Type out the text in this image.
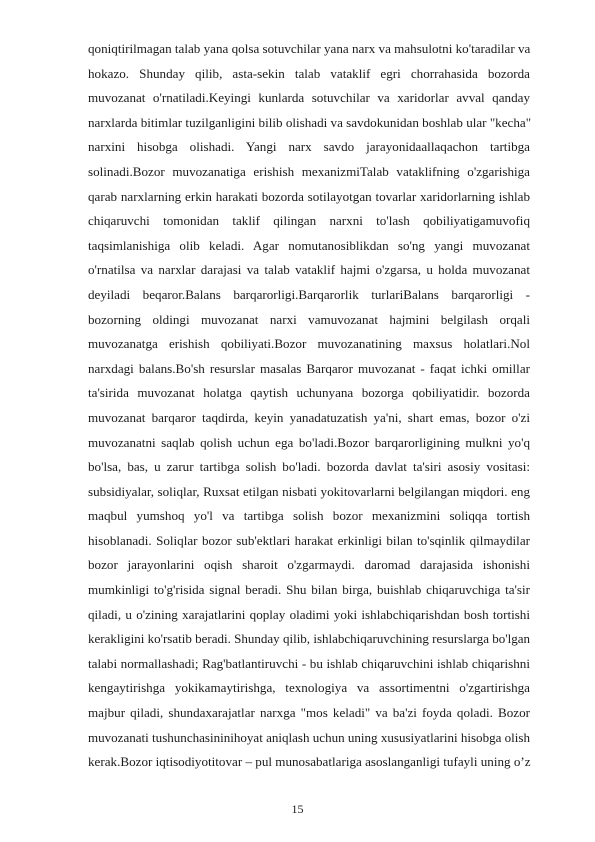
qoniqtirilmagan talab yana qolsa sotuvchilar yana narx va mahsulotni ko'taradilar va
hokazo. Shunday qilib, asta-sekin talab vataklif egri chorrahasida bozorda
muvozanat o'rnatiladi.Keyingi kunlarda sotuvchilar va xaridorlar avval qanday
narxlarda bitimlar tuzilganligini bilib olishadi va savdokunidan boshlab ular "kecha"
narxini hisobga olishadi. Yangi narx savdo jarayonidaallaqachon tartibga
solinadi.Bozor muvozanatiga erishish mexanizmiTalab vataklifning o'zgarishiga
qarab narxlarning erkin harakati bozorda sotilayotgan tovarlar xaridorlarning ishlab
chiqaruvchi tomonidan taklif qilingan narxni to'lash qobiliyatigamuvofiq
taqsimlanishiga olib keladi. Agar nomutanosiblikdan so'ng yangi muvozanat
o'rnatilsa va narxlar darajasi va talab vataklif hajmi o'zgarsa, u holda muvozanat
deyiladi beqaror.Balans barqarorligi.Barqarorlik turlariBalans barqarorligi -
bozorning oldingi muvozanat narxi vamuvozanat hajmini belgilash orqali
muvozanatga erishish qobiliyati.Bozor muvozanatining maxsus holatlari.Nol
narxdagi balans.Bo'sh resurslar masalas Barqaror muvozanat - faqat ichki omillar
ta'sirida muvozanat holatga qaytish uchunyana bozorga qobiliyatidir. bozorda
muvozanat barqaror taqdirda, keyin yanadatuzatish ya'ni, shart emas, bozor o'zi
muvozanatni saqlab qolish uchun ega bo'ladi.Bozor barqarorligining mulkni yo'q
bo'lsa, bas, u zarur tartibga solish bo'ladi. bozorda davlat ta'siri asosiy vositasi:
subsidiyalar, soliqlar, Ruxsat etilgan nisbati yokitovarlarni belgilangan miqdori. eng
maqbul yumshoq yo'l va tartibga solish bozor mexanizmini soliqqa tortish
hisoblanadi. Soliqlar bozor sub'ektlari harakat erkinligi bilan to'sqinlik qilmaydilar
bozor jarayonlarini oqish sharoit o'zgarmaydi. daromad darajasida ishonishi
mumkinligi to'g'risida signal beradi. Shu bilan birga, buishlab chiqaruvchiga ta'sir
qiladi, u o'zining xarajatlarini qoplay oladimi yoki ishlabchiqarishdan bosh tortishi
kerakligini ko'rsatib beradi. Shunday qilib, ishlabchiqaruvchining resurslarga bo'lgan
talabi normallashadi; Rag'batlantiruvchi - bu ishlab chiqaruvchini ishlab chiqarishni
kengaytirishga yokikamaytirishga, texnologiya va assortimentni o'zgartirishga
majbur qiladi, shundaxarajatlar narxga "mos keladi" va ba'zi foyda qoladi. Bozor
muvozanati tushunchasininihoyat aniqlash uchun uning xususiyatlarini hisobga olish
kerak.Bozor iqtisodiyotitovar – pul munosabatlariga asoslanganligi tufayli uning o’z
15
